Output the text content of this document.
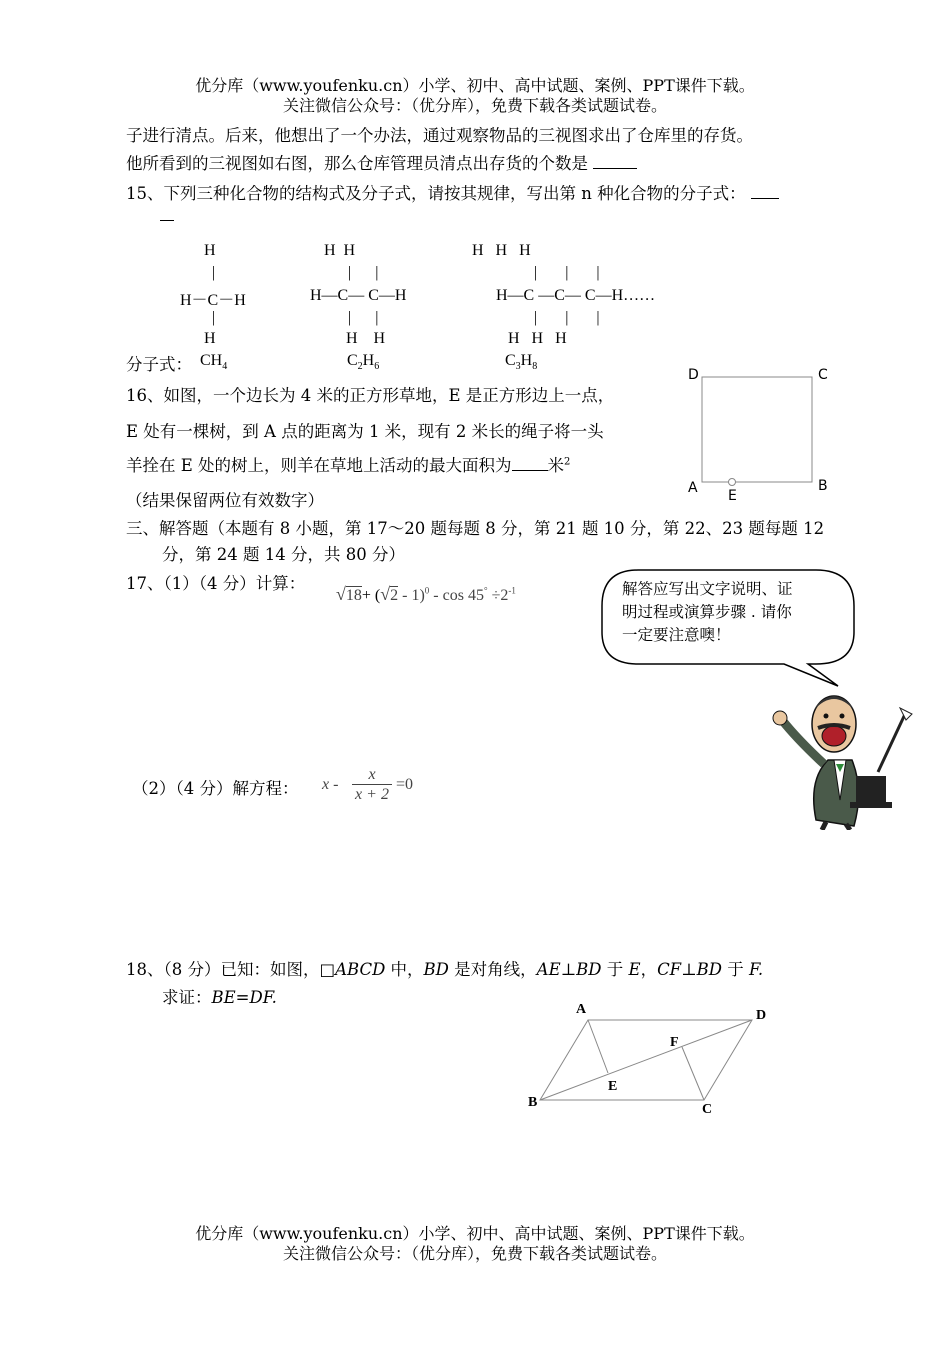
优分库（www.youfenku.cn）小学、初中、高中试题、案例、PPT课件下载。
关注微信公众号：（优分库），免费下载各类试题试卷。
子进行清点。后来，他想出了一个办法，通过观察物品的三视图求出了仓库里的存货。
他所看到的三视图如右图，那么仓库管理员清点出存货的个数是
15、下列三种化合物的结构式及分子式，请按其规律，写出第 n 种化合物的分子式：
H
|
H－C－H
|
H
H  H
|      |
H—C— C—H
|      |
H    H
H   H   H
|       |       |
H—C —C— C—H……
|       |       |
H   H   H
分子式： $CH_4$	$C_2H_6$	$C_3H_8$
16、如图，一个边长为 4 米的正方形草地，E 是正方形边上一点，
E 处有一棵树，到 A 点的距离为 1 米，现有 2 米长的绳子将一头
羊拴在 E 处的树上，则羊在草地上活动的最大面积为 米$^2$
（结果保留两位有效数字）
D	C
A	B
E
三、解答题（本题有 8 小题，第 17～20 题每题 8 分，第 21 题 10 分，第 22、23 题每题 12
分，第 24 题 14 分，共 80 分）
17、（1）（4 分）计算：
$√18+ (√2 - 1)^0 - \cos 45^\circ \div 2^{-1}$	解答应写出文字说明、证
明过程或演算步骤 . 请你
一定要注意噢！
（2）（4 分）解方程： $x - \frac{x}{x + 2} =0$
18、（8 分）已知：如图，□ABCD 中，BD 是对角线，AE⊥BD 于 E，CF⊥BD 于 F.
求证：BE=DF.
A	D
B	C
E
F
优分库（www.youfenku.cn）小学、初中、高中试题、案例、PPT课件下载。
关注微信公众号：（优分库），免费下载各类试题试卷。
